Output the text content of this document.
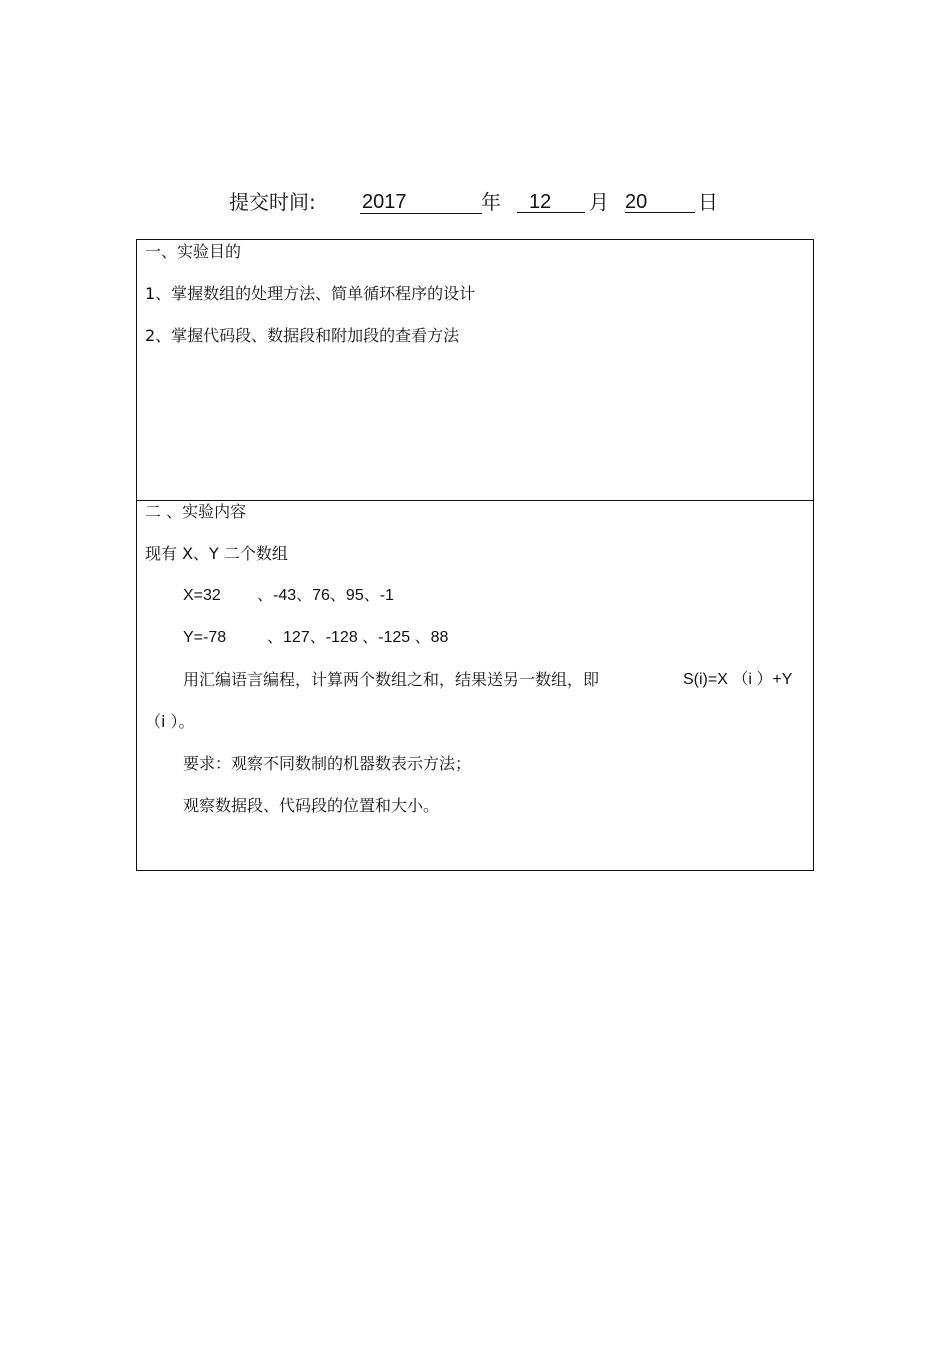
提交时间: 2017	年	12	月 20	日
一、实验目的
1、掌握数组的处理方法、简单循环程序的设计
2、掌握代码段、数据段和附加段的查看方法
二 、实验内容
现有 X、Y 二个数组
X=32 、-43、76、95、-1
Y=-78	、127、-128 、-125 、88
用汇编语言编程，计算两个数组之和，结果送另一数组，即	S(i)=X （i ）+Y
（i ）。
要求：观察不同数制的机器数表示方法；
观察数据段、代码段的位置和大小。
